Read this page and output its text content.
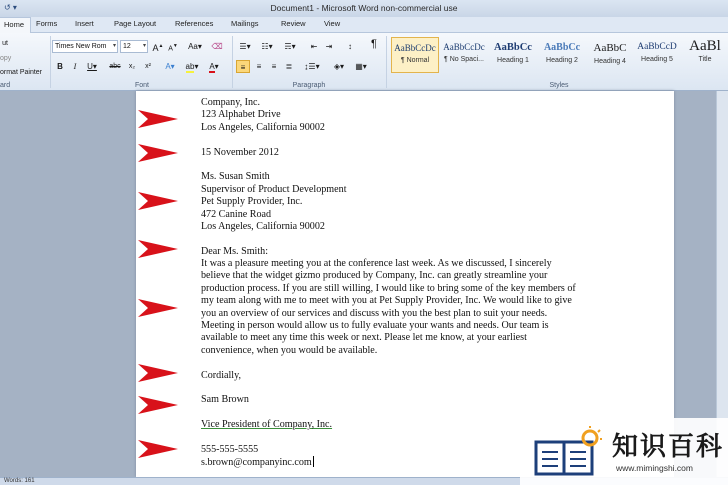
↺ ▾	Document1 - Microsoft Word non-commercial use
Home	Forms Insert	Page Layout	References Mailings	Review View
ut
opy
ormat Painter
ard
Times New Rom ▾	12 ▾ A▲ A▼ Aa▾ ⌫
B	I	U▾	abc	x₂	x²	A▾	ab▾	A▾
Font
☰▾	☷▾	☴▾	⇤	⇥	↕	¶
≡	≡	≡	≣	↨☰▾	◈▾	▦▾
Paragraph
AaBbCcDc
¶ Normal
AaBbCcDc
¶ No Spaci...
AaBbCc
Heading 1
AaBbCc
Heading 2
AaBbC
Heading 4
AaBbCcD
Heading 5
AaBl
Title
Styles
Company, Inc.
123 Alphabet Drive
Los Angeles, California 90002
15 November 2012
Ms. Susan Smith
Supervisor of Product Development
Pet Supply Provider, Inc.
472 Canine Road
Los Angeles, California 90002
Dear Ms. Smith:
It was a pleasure meeting you at the conference last week. As we discussed, I sincerely
believe that the widget gizmo produced by Company, Inc. can greatly streamline your
production process. If you are still willing, I would like to bring some of the key members of
my team along with me to meet with you at Pet Supply Provider, Inc. We would like to give
you an overview of our services and discuss with you the best plan to suit your needs.
Meeting in person would allow us to fully evaluate your wants and needs. Our team is
available to meet any time this week or next. Please let me know, at your earliest
convenience, when you would be available.
Cordially,
Sam Brown
Vice President of Company, Inc.
555-555-5555
s.brown@companyinc.com
Words: 161
知识百科
www.mimingshi.com
